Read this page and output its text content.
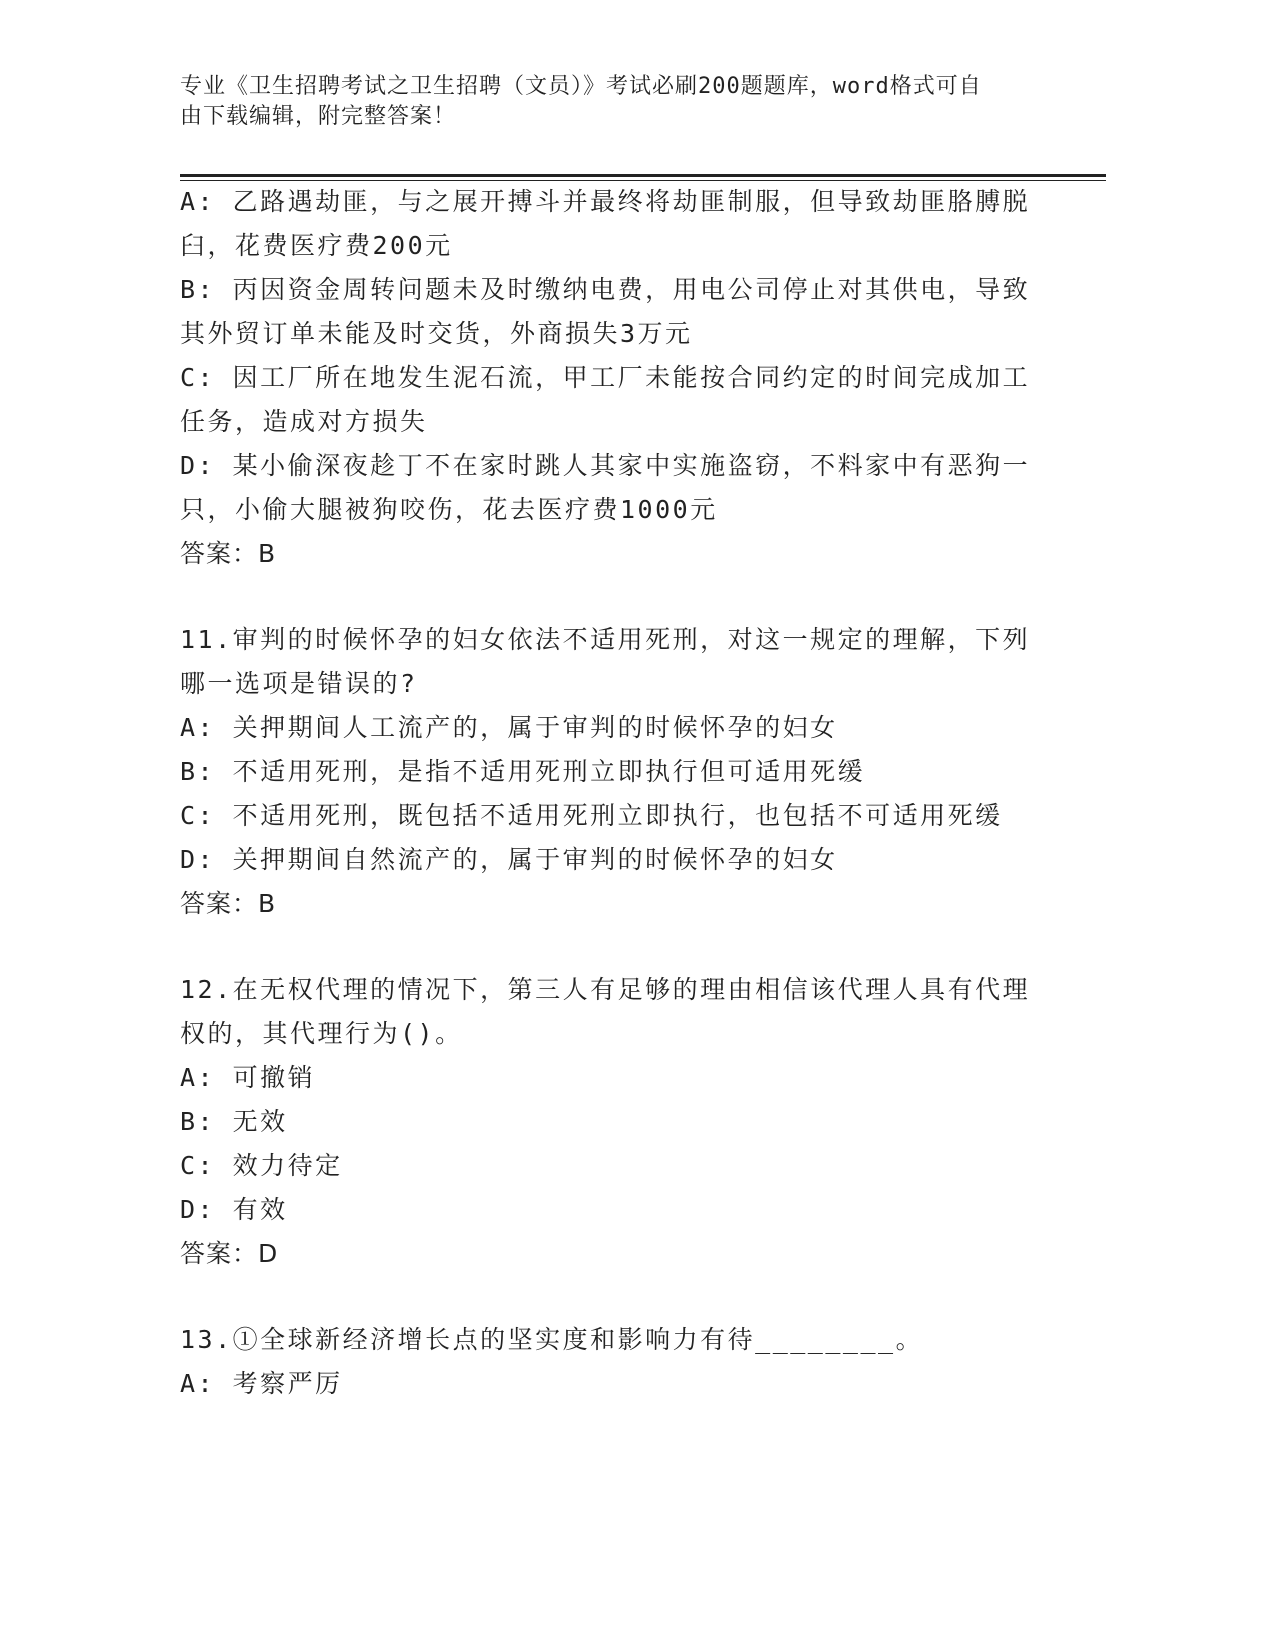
专业《卫生招聘考试之卫生招聘（文员）》考试必刷200题题库，word格式可自
由下载编辑，附完整答案！

A: 乙路遇劫匪，与之展开搏斗并最终将劫匪制服，但导致劫匪胳膊脱

臼，花费医疗费200元

B: 丙因资金周转问题未及时缴纳电费，用电公司停止对其供电，导致

其外贸订单未能及时交货，外商损失3万元

C: 因工厂所在地发生泥石流，甲工厂未能按合同约定的时间完成加工

任务，造成对方损失

D: 某小偷深夜趁丁不在家时跳人其家中实施盗窃，不料家中有恶狗一

只，小偷大腿被狗咬伤，花去医疗费1000元

答案：B

11.审判的时候怀孕的妇女依法不适用死刑，对这一规定的理解，下列

哪一选项是错误的?

A: 关押期间人工流产的，属于审判的时候怀孕的妇女

B: 不适用死刑，是指不适用死刑立即执行但可适用死缓

C: 不适用死刑，既包括不适用死刑立即执行，也包括不可适用死缓

D: 关押期间自然流产的，属于审判的时候怀孕的妇女

答案：B

12.在无权代理的情况下，第三人有足够的理由相信该代理人具有代理

权的，其代理行为()。

A: 可撤销

B: 无效

C: 效力待定

D: 有效

答案：D

13.①全球新经济增长点的坚实度和影响力有待________。

A: 考察严厉
